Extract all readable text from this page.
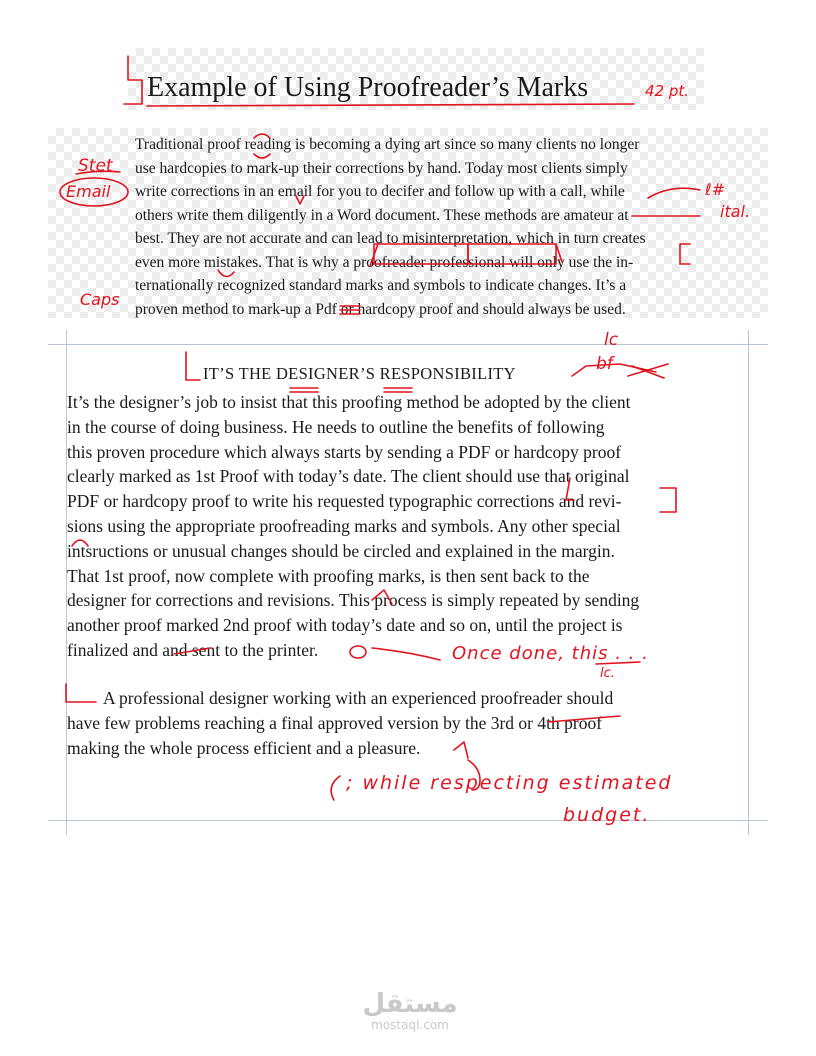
Example of Using Proofreader’s Marks
Traditional proof reading is becoming a dying art since so many clients no longer
use hardcopies to mark-up their corrections by hand. Today most clients simply
write corrections in an email for you to decifer and follow up with a call, while
others write them diligently in a Word document. These methods are amateur at
best. They are not accurate and can lead to misinterpretation, which in turn creates
even more mistakes. That is why a proofreader professional will only use the in-
ternationally recognized standard marks and symbols to indicate changes. It’s a
proven method to mark-up a Pdf or hardcopy proof and should always be used.
IT’S THE DESIGNER’S RESPONSIBILITY
It’s the designer’s job to insist that this proofing method be adopted by the client
in the course of doing business. He needs to outline the benefits of following
this proven procedure which always starts by sending a PDF or hardcopy proof
clearly marked as 1st Proof with today’s date. The client should use that original
PDF or hardcopy proof to write his requested typographic corrections and revi-
sions using the appropriate proofreading marks and symbols. Any other special
intsructions or unusual changes should be circled and explained in the margin.
That 1st proof, now complete with proofing marks, is then sent back to the
designer for corrections and revisions. This process is simply repeated by sending
another proof marked 2nd proof with today’s date and so on, until the project is
finalized and and sent to the printer.
A professional designer working with an experienced proofreader should
have few problems reaching a final approved version by the 3rd or 4th proof
making the whole process efficient and a pleasure.
42 pt.
Stet
Email	ℓ#
ital.
Caps
lc
bf
Once done, this . . .
lc.
; while respecting estimated
budget.
مستقل
mostaql.com
